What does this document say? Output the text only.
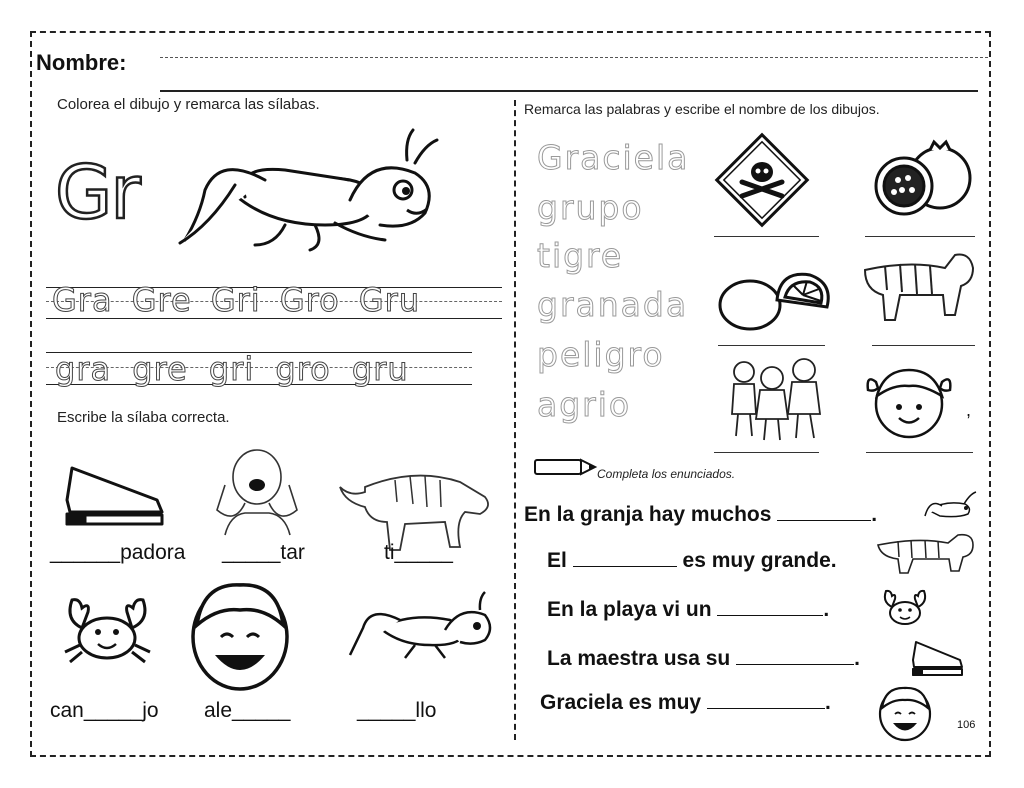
Nombre:
Colorea el dibujo y remarca las sílabas.
Gr
Gra Gre Gri Gro Gru
gra gre gri gro gru
Escribe la sílaba correcta.
______padora _____tar	ti_____
can_____jo ale_____	_____llo
Remarca las palabras y escribe el nombre de los dibujos.
Graciela
grupo
tigre
granada
peligro
agrio	,
Completa los enunciados.
En la granja hay muchos	.
El	es muy grande.
En la playa vi un	.
La maestra usa su	.
Graciela es muy	.
106
